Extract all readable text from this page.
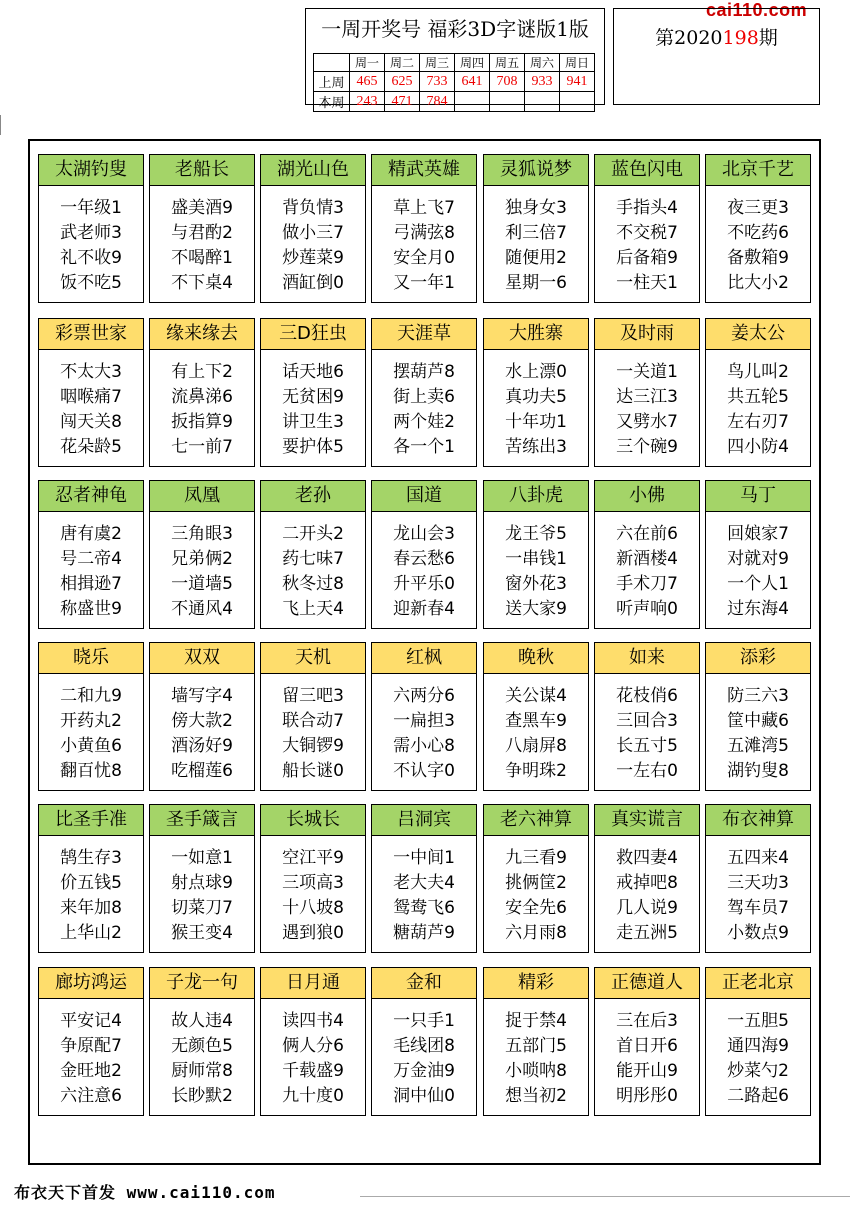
cai110.com
一周开奖号 福彩3D字谜版1版
	周一	周二	周三	周四	周五	周六	周日
上周	465	625	733	641	708	933	941
本周	243	471	784				
第2020198期
太湖钓叟
一年级1
武老师3
礼不收9
饭不吃5
老船长
盛美酒9
与君酌2
不喝醉1
不下桌4
湖光山色
背负情3
做小三7
炒莲菜9
酒缸倒0
精武英雄
草上飞7
弓满弦8
安全月0
又一年1
灵狐说梦
独身女3
利三倍7
随便用2
星期一6
蓝色闪电
手指头4
不交税7
后备箱9
一柱天1
北京千艺
夜三更3
不吃药6
备敷箱9
比大小2
彩票世家
不太大3
咽喉痛7
闯天关8
花朵龄5
缘来缘去
有上下2
流鼻涕6
扳指算9
七一前7
三D狂虫
话天地6
无贫困9
讲卫生3
要护体5
天涯草
摆葫芦8
街上卖6
两个娃2
各一个1
大胜寨
水上漂0
真功夫5
十年功1
苦练出3
及时雨
一关道1
达三江3
又劈水7
三个碗9
姜太公
鸟儿叫2
共五轮5
左右刃7
四小防4
忍者神龟
唐有虞2
号二帝4
相揖逊7
称盛世9
凤凰
三角眼3
兄弟俩2
一道墙5
不通风4
老孙
二开头2
药七味7
秋冬过8
飞上天4
国道
龙山会3
春云愁6
升平乐0
迎新春4
八卦虎
龙王爷5
一串钱1
窗外花3
送大家9
小佛
六在前6
新酒楼4
手术刀7
听声响0
马丁
回娘家7
对就对9
一个人1
过东海4
晓乐
二和九9
开药丸2
小黄鱼6
翻百忧8
双双
墙写字4
傍大款2
酒汤好9
吃榴莲6
天机
留三吧3
联合动7
大铜锣9
船长谜0
红枫
六两分6
一扁担3
需小心8
不认字0
晚秋
关公谋4
查黑车9
八扇屏8
争明珠2
如来
花枝俏6
三回合3
长五寸5
一左右0
添彩
防三六3
筐中藏6
五滩湾5
湖钓叟8
比圣手准
鹄生存3
价五钱5
来年加8
上华山2
圣手箴言
一如意1
射点球9
切菜刀7
猴王变4
长城长
空江平9
三项高3
十八坡8
遇到狼0
吕洞宾
一中间1
老大夫4
鸳鸯飞6
糖葫芦9
老六神算
九三看9
挑俩筐2
安全先6
六月雨8
真实谎言
救四妻4
戒掉吧8
几人说9
走五洲5
布衣神算
五四来4
三天功3
驾车员7
小数点9
廊坊鸿运
平安记4
争原配7
金旺地2
六注意6
子龙一句
故人违4
无颜色5
厨师常8
长眇默2
日月通
读四书4
俩人分6
千载盛9
九十度0
金和
一只手1
毛线团8
万金油9
洞中仙0
精彩
捉于禁4
五部门5
小唢呐8
想当初2
正德道人
三在后3
首日开6
能开山9
明彤彤0
正老北京
一五胆5
通四海9
炒菜勺2
二路起6
布衣天下首发 www.cai110.com
